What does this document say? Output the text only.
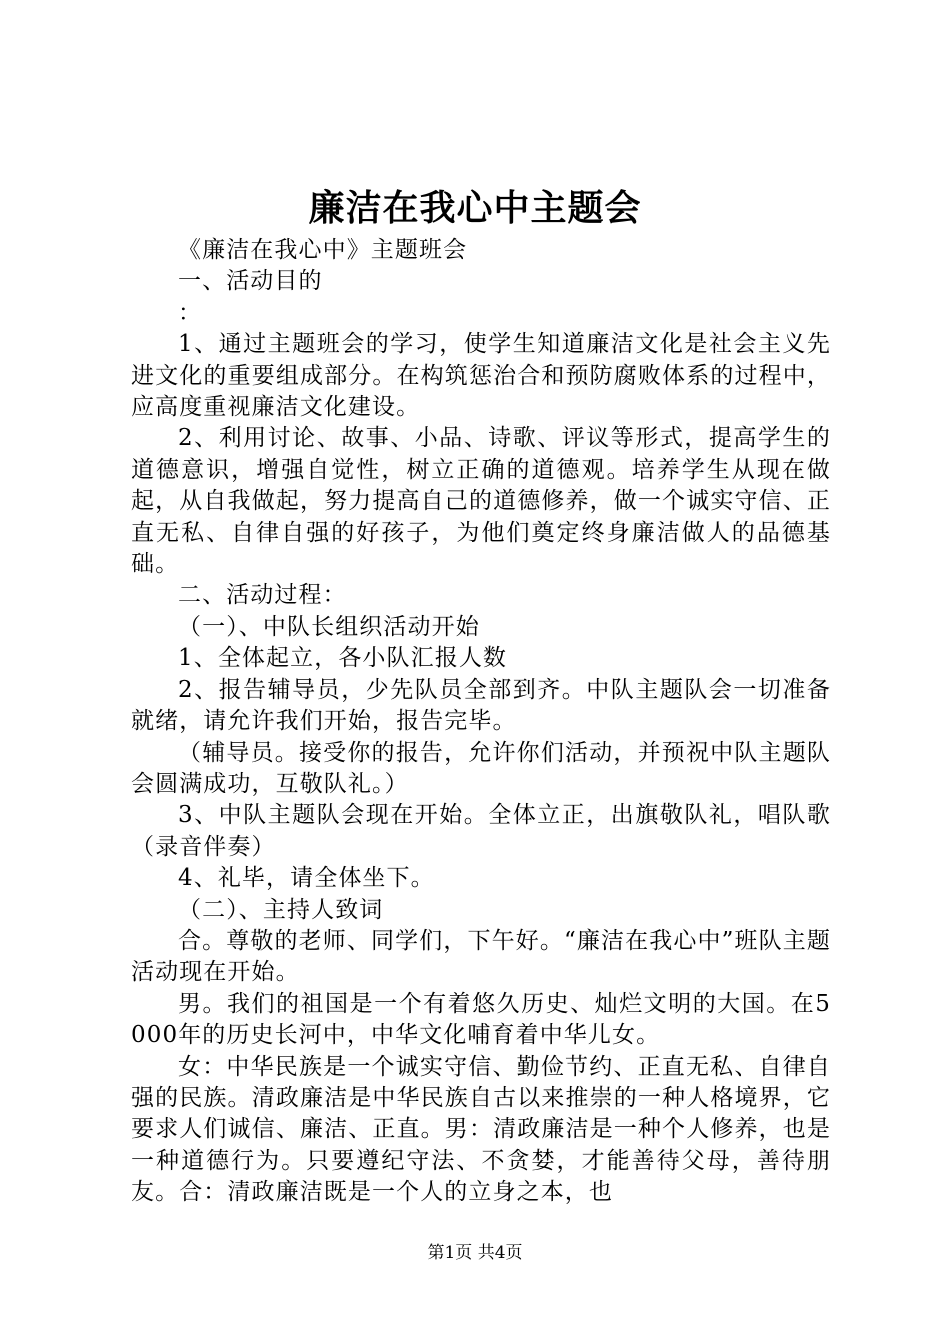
廉洁在我心中主题会

《廉洁在我心中》主题班会

一、活动目的

：

1、通过主题班会的学习，使学生知道廉洁文化是社会主义先进文化的重要组成部分。在构筑惩治合和预防腐败体系的过程中，应高度重视廉洁文化建设。

2、利用讨论、故事、小品、诗歌、评议等形式，提高学生的道德意识，增强自觉性，树立正确的道德观。培养学生从现在做起，从自我做起，努力提高自己的道德修养，做一个诚实守信、正直无私、自律自强的好孩子，为他们奠定终身廉洁做人的品德基础。

二、活动过程：

（一）、中队长组织活动开始

1、全体起立，各小队汇报人数

2、报告辅导员，少先队员全部到齐。中队主题队会一切准备就绪，请允许我们开始，报告完毕。

（辅导员。接受你的报告，允许你们活动，并预祝中队主题队会圆满成功，互敬队礼。）

3、中队主题队会现在开始。全体立正，出旗敬队礼，唱队歌（录音伴奏）

4、礼毕，请全体坐下。

（二）、主持人致词

合。尊敬的老师、同学们，下午好。“廉洁在我心中”班队主题活动现在开始。

男。我们的祖国是一个有着悠久历史、灿烂文明的大国。在5000年的历史长河中，中华文化哺育着中华儿女。

女：中华民族是一个诚实守信、勤俭节约、正直无私、自律自强的民族。清政廉洁是中华民族自古以来推崇的一种人格境界，它要求人们诚信、廉洁、正直。男：清政廉洁是一种个人修养，也是一种道德行为。只要遵纪守法、不贪婪，才能善待父母，善待朋友。合：清政廉洁既是一个人的立身之本，也

第1页 共4页
